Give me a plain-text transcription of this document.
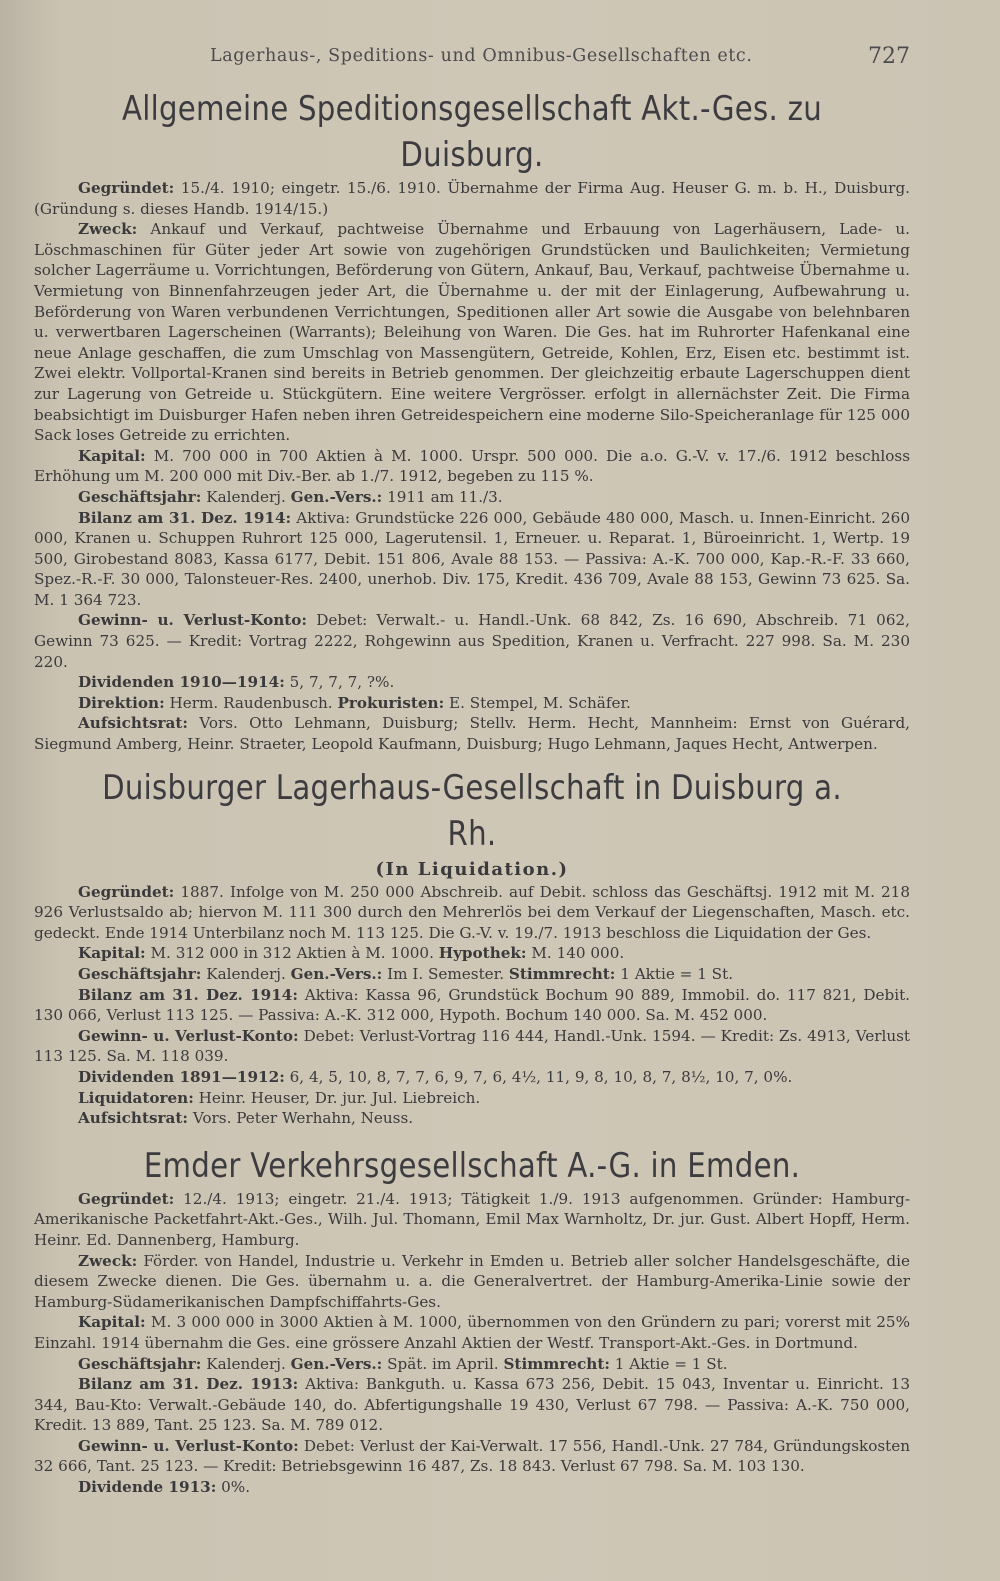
Lagerhaus-, Speditions- und Omnibus-Gesellschaften etc.	727
Allgemeine Speditionsgesellschaft Akt.-Ges. zu Duisburg.

Gegründet: 15./4. 1910; eingetr. 15./6. 1910. Übernahme der Firma Aug. Heuser G. m. b. H., Duisburg. (Gründung s. dieses Handb. 1914/15.)

Zweck: Ankauf und Verkauf, pachtweise Übernahme und Erbauung von Lagerhäusern, Lade- u. Löschmaschinen für Güter jeder Art sowie von zugehörigen Grundstücken und Baulichkeiten; Vermietung solcher Lagerräume u. Vorrichtungen, Beförderung von Gütern, Ankauf, Bau, Verkauf, pachtweise Übernahme u. Vermietung von Binnenfahrzeugen jeder Art, die Übernahme u. der mit der Einlagerung, Aufbewahrung u. Beförderung von Waren verbundenen Verrichtungen, Speditionen aller Art sowie die Ausgabe von belehnbaren u. verwertbaren Lagerscheinen (Warrants); Beleihung von Waren. Die Ges. hat im Ruhrorter Hafenkanal eine neue Anlage geschaffen, die zum Umschlag von Massengütern, Getreide, Kohlen, Erz, Eisen etc. bestimmt ist. Zwei elektr. Vollportal-Kranen sind bereits in Betrieb genommen. Der gleichzeitig erbaute Lagerschuppen dient zur Lagerung von Getreide u. Stückgütern. Eine weitere Vergrösser. erfolgt in allernächster Zeit. Die Firma beabsichtigt im Duisburger Hafen neben ihren Getreidespeichern eine moderne Silo-Speicheranlage für 125 000 Sack loses Getreide zu errichten.

Kapital: M. 700 000 in 700 Aktien à M. 1000. Urspr. 500 000. Die a.o. G.-V. v. 17./6. 1912 beschloss Erhöhung um M. 200 000 mit Div.-Ber. ab 1./7. 1912, begeben zu 115 %.

Geschäftsjahr: Kalenderj. Gen.-Vers.: 1911 am 11./3.

Bilanz am 31. Dez. 1914: Aktiva: Grundstücke 226 000, Gebäude 480 000, Masch. u. Innen-Einricht. 260 000, Kranen u. Schuppen Ruhrort 125 000, Lagerutensil. 1, Erneuer. u. Reparat. 1, Büroeinricht. 1, Wertp. 19 500, Girobestand 8083, Kassa 6177, Debit. 151 806, Avale 88 153. — Passiva: A.-K. 700 000, Kap.-R.-F. 33 660, Spez.-R.-F. 30 000, Talonsteuer-Res. 2400, unerhob. Div. 175, Kredit. 436 709, Avale 88 153, Gewinn 73 625. Sa. M. 1 364 723.

Gewinn- u. Verlust-Konto: Debet: Verwalt.- u. Handl.-Unk. 68 842, Zs. 16 690, Abschreib. 71 062, Gewinn 73 625. — Kredit: Vortrag 2222, Rohgewinn aus Spedition, Kranen u. Verfracht. 227 998. Sa. M. 230 220.

Dividenden 1910—1914: 5, 7, 7, 7, ?%.

Direktion: Herm. Raudenbusch. Prokuristen: E. Stempel, M. Schäfer.

Aufsichtsrat: Vors. Otto Lehmann, Duisburg; Stellv. Herm. Hecht, Mannheim: Ernst von Guérard, Siegmund Amberg, Heinr. Straeter, Leopold Kaufmann, Duisburg; Hugo Lehmann, Jaques Hecht, Antwerpen.

Duisburger Lagerhaus-Gesellschaft in Duisburg a. Rh.
(In Liquidation.)

Gegründet: 1887. Infolge von M. 250 000 Abschreib. auf Debit. schloss das Geschäftsj. 1912 mit M. 218 926 Verlustsaldo ab; hiervon M. 111 300 durch den Mehrerlös bei dem Verkauf der Liegenschaften, Masch. etc. gedeckt. Ende 1914 Unterbilanz noch M. 113 125. Die G.-V. v. 19./7. 1913 beschloss die Liquidation der Ges.

Kapital: M. 312 000 in 312 Aktien à M. 1000. Hypothek: M. 140 000.

Geschäftsjahr: Kalenderj. Gen.-Vers.: Im I. Semester. Stimmrecht: 1 Aktie = 1 St.

Bilanz am 31. Dez. 1914: Aktiva: Kassa 96, Grundstück Bochum 90 889, Immobil. do. 117 821, Debit. 130 066, Verlust 113 125. — Passiva: A.-K. 312 000, Hypoth. Bochum 140 000. Sa. M. 452 000.

Gewinn- u. Verlust-Konto: Debet: Verlust-Vortrag 116 444, Handl.-Unk. 1594. — Kredit: Zs. 4913, Verlust 113 125. Sa. M. 118 039.

Dividenden 1891—1912: 6, 4, 5, 10, 8, 7, 7, 6, 9, 7, 6, 4½, 11, 9, 8, 10, 8, 7, 8½, 10, 7, 0%.

Liquidatoren: Heinr. Heuser, Dr. jur. Jul. Liebreich.

Aufsichtsrat: Vors. Peter Werhahn, Neuss.

Emder Verkehrsgesellschaft A.-G. in Emden.

Gegründet: 12./4. 1913; eingetr. 21./4. 1913; Tätigkeit 1./9. 1913 aufgenommen. Gründer: Hamburg-Amerikanische Packetfahrt-Akt.-Ges., Wilh. Jul. Thomann, Emil Max Warnholtz, Dr. jur. Gust. Albert Hopff, Herm. Heinr. Ed. Dannenberg, Hamburg.

Zweck: Förder. von Handel, Industrie u. Verkehr in Emden u. Betrieb aller solcher Handelsgeschäfte, die diesem Zwecke dienen. Die Ges. übernahm u. a. die Generalvertret. der Hamburg-Amerika-Linie sowie der Hamburg-Südamerikanischen Dampfschiffahrts-Ges.

Kapital: M. 3 000 000 in 3000 Aktien à M. 1000, übernommen von den Gründern zu pari; vorerst mit 25% Einzahl. 1914 übernahm die Ges. eine grössere Anzahl Aktien der Westf. Transport-Akt.-Ges. in Dortmund.

Geschäftsjahr: Kalenderj. Gen.-Vers.: Spät. im April. Stimmrecht: 1 Aktie = 1 St.

Bilanz am 31. Dez. 1913: Aktiva: Bankguth. u. Kassa 673 256, Debit. 15 043, Inventar u. Einricht. 13 344, Bau-Kto: Verwalt.-Gebäude 140, do. Abfertigungshalle 19 430, Verlust 67 798. — Passiva: A.-K. 750 000, Kredit. 13 889, Tant. 25 123. Sa. M. 789 012.

Gewinn- u. Verlust-Konto: Debet: Verlust der Kai-Verwalt. 17 556, Handl.-Unk. 27 784, Gründungskosten 32 666, Tant. 25 123. — Kredit: Betriebsgewinn 16 487, Zs. 18 843. Verlust 67 798. Sa. M. 103 130.

Dividende 1913: 0%.
